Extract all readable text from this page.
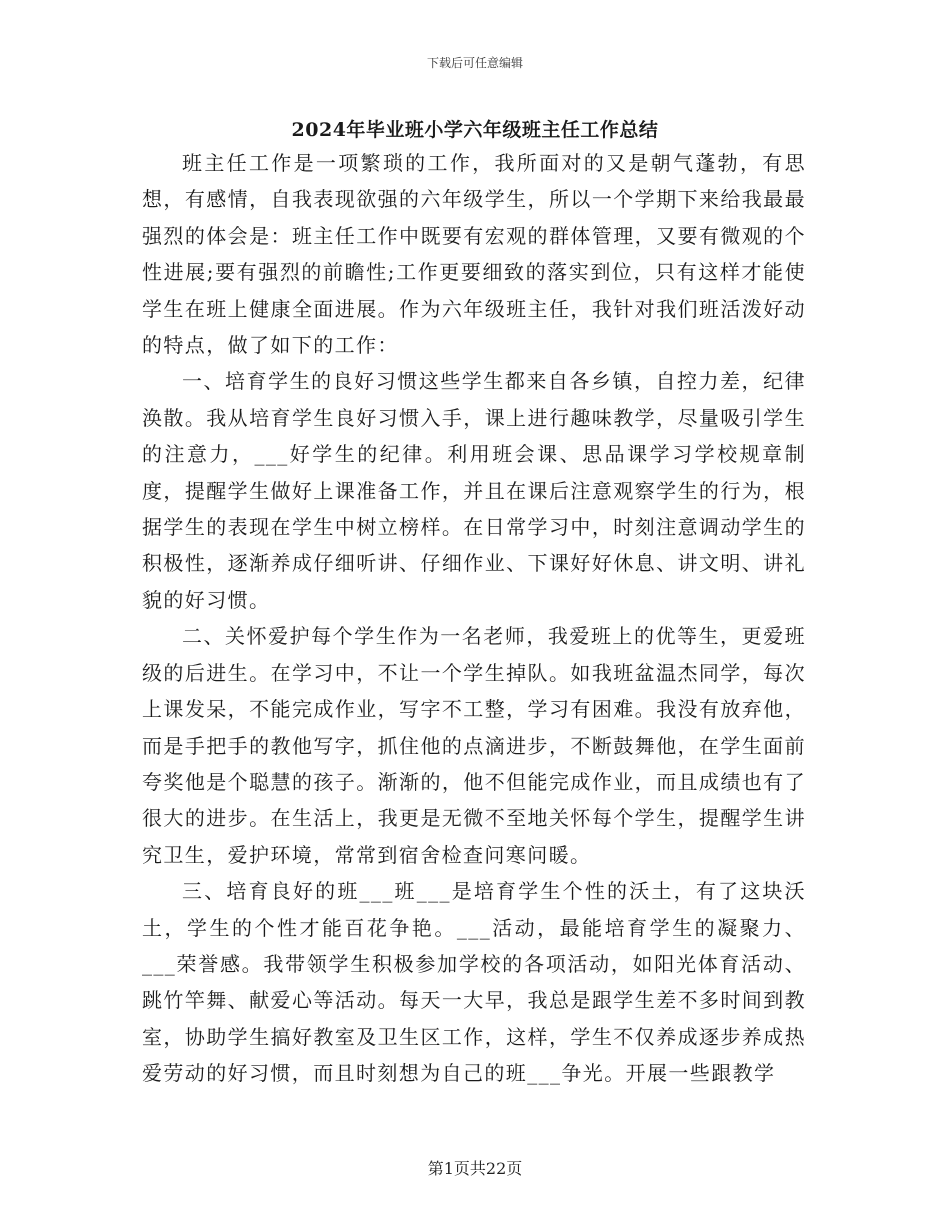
下载后可任意编辑
2024年毕业班小学六年级班主任工作总结

班主任工作是一项繁琐的工作，我所面对的又是朝气蓬勃，有思想，有感情，自我表现欲强的六年级学生，所以一个学期下来给我最最强烈的体会是：班主任工作中既要有宏观的群体管理，又要有微观的个性进展;要有强烈的前瞻性;工作更要细致的落实到位，只有这样才能使学生在班上健康全面进展。作为六年级班主任，我针对我们班活泼好动的特点，做了如下的工作：

一、培育学生的良好习惯这些学生都来自各乡镇，自控力差，纪律涣散。我从培育学生良好习惯入手，课上进行趣味教学，尽量吸引学生的注意力，___好学生的纪律。利用班会课、思品课学习学校规章制度，提醒学生做好上课准备工作，并且在课后注意观察学生的行为，根据学生的表现在学生中树立榜样。在日常学习中，时刻注意调动学生的积极性，逐渐养成仔细听讲、仔细作业、下课好好休息、讲文明、讲礼貌的好习惯。

二、关怀爱护每个学生作为一名老师，我爱班上的优等生，更爱班级的后进生。在学习中，不让一个学生掉队。如我班盆温杰同学，每次上课发呆，不能完成作业，写字不工整，学习有困难。我没有放弃他，而是手把手的教他写字，抓住他的点滴进步，不断鼓舞他，在学生面前夸奖他是个聪慧的孩子。渐渐的，他不但能完成作业，而且成绩也有了很大的进步。在生活上，我更是无微不至地关怀每个学生，提醒学生讲究卫生，爱护环境，常常到宿舍检查问寒问暖。

三、培育良好的班___班___是培育学生个性的沃土，有了这块沃土，学生的个性才能百花争艳。___活动，最能培育学生的凝聚力、___荣誉感。我带领学生积极参加学校的各项活动，如阳光体育活动、跳竹竿舞、献爱心等活动。每天一大早，我总是跟学生差不多时间到教室，协助学生搞好教室及卫生区工作，这样，学生不仅养成逐步养成热爱劳动的好习惯，而且时刻想为自己的班___争光。开展一些跟教学

第1页共22页
